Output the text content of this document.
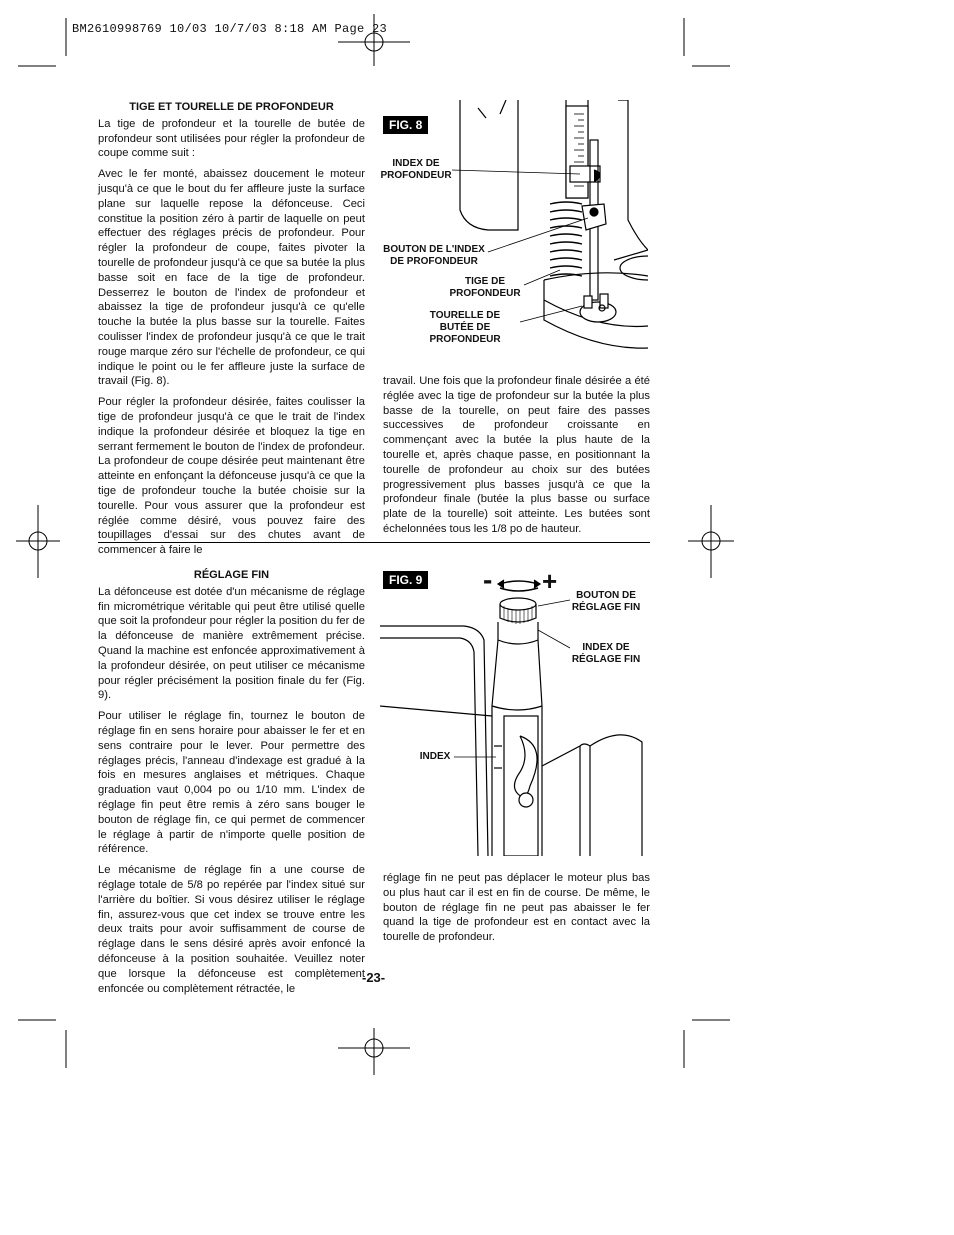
BM2610998769 10/03 10/7/03 8:18 AM Page 23
TIGE ET TOURELLE DE PROFONDEUR

La tige de profondeur et la tourelle de butée de profondeur sont utilisées pour régler la profondeur de coupe comme suit :

Avec le fer monté, abaissez doucement le moteur jusqu'à ce que le bout du fer affleure juste la surface plane sur laquelle repose la défonceuse. Ceci constitue la position zéro à partir de laquelle on peut effectuer des réglages précis de profondeur. Pour régler la profondeur de coupe, faites pivoter la tourelle de profondeur jusqu'à ce que sa butée la plus basse soit en face de la tige de profondeur. Desserrez le bouton de l'index de profondeur et abaissez la tige de profondeur jusqu'à ce qu'elle touche la butée la plus basse sur la tourelle. Faites coulisser l'index de profondeur jusqu'à ce que le trait rouge marque zéro sur l'échelle de profondeur, ce qui indique le point ou le fer affleure juste la surface de travail (Fig. 8).

Pour régler la profondeur désirée, faites coulisser la tige de profondeur jusqu'à ce que le trait de l'index indique la profondeur désirée et bloquez la tige en serrant fermement le bouton de l'index de profondeur. La profondeur de coupe désirée peut maintenant être atteinte en enfonçant la défonceuse jusqu'à ce que la tige de profondeur touche la butée choisie sur la tourelle. Pour vous assurer que la profondeur est réglée comme désiré, vous pouvez faire des toupillages d'essai sur des chutes avant de commencer à faire le

FIG. 8
INDEX DE PROFONDEUR
BOUTON DE L'INDEX DE PROFONDEUR
TIGE DE PROFONDEUR
TOURELLE DE BUTÉE DE PROFONDEUR

travail. Une fois que la profondeur finale désirée a été réglée avec la tige de profondeur sur la butée la plus basse de la tourelle, on peut faire des passes successives de profondeur croissante en commençant avec la butée la plus haute de la tourelle et, après chaque passe, en positionnant la tourelle de profondeur au choix sur des butées progressivement plus basses jusqu'à ce que la profondeur finale (butée la plus basse ou surface plate de la tourelle) soit atteinte. Les butées sont échelonnées tous les 1/8 po de hauteur.

RÉGLAGE FIN

La défonceuse est dotée d'un mécanisme de réglage fin micrométrique véritable qui peut être utilisé quelle que soit la profondeur pour régler la position du fer de la défonceuse de manière extrêmement précise. Quand la machine est enfoncée approximativement à la profondeur désirée, on peut utiliser ce mécanisme pour régler précisément la position finale du fer (Fig. 9).

Pour utiliser le réglage fin, tournez le bouton de réglage fin en sens horaire pour abaisser le fer et en sens contraire pour le lever. Pour permettre des réglages précis, l'anneau d'indexage est gradué à la fois en mesures anglaises et métriques. Chaque graduation vaut 0,004 po ou 1/10 mm. L'index de réglage fin peut être remis à zéro sans bouger le bouton de réglage fin, ce qui permet de commencer le réglage à partir de n'importe quelle position de référence.

Le mécanisme de réglage fin a une course de réglage totale de 5/8 po repérée par l'index situé sur l'arrière du boîtier. Si vous désirez utiliser le réglage fin, assurez-vous que cet index se trouve entre les deux traits pour avoir suffisamment de course de réglage dans le sens désiré après avoir enfoncé la défonceuse à la position souhaitée. Veuillez noter que lorsque la défonceuse est complètement enfoncée ou complètement rétractée, le

FIG. 9 - +	BOUTON DE RÉGLAGE FIN
INDEX DE RÉGLAGE FIN
INDEX

réglage fin ne peut pas déplacer le moteur plus bas ou plus haut car il est en fin de course. De même, le bouton de réglage fin ne peut pas abaisser le fer quand la tige de profondeur est en contact avec la tourelle de profondeur.

-23-
